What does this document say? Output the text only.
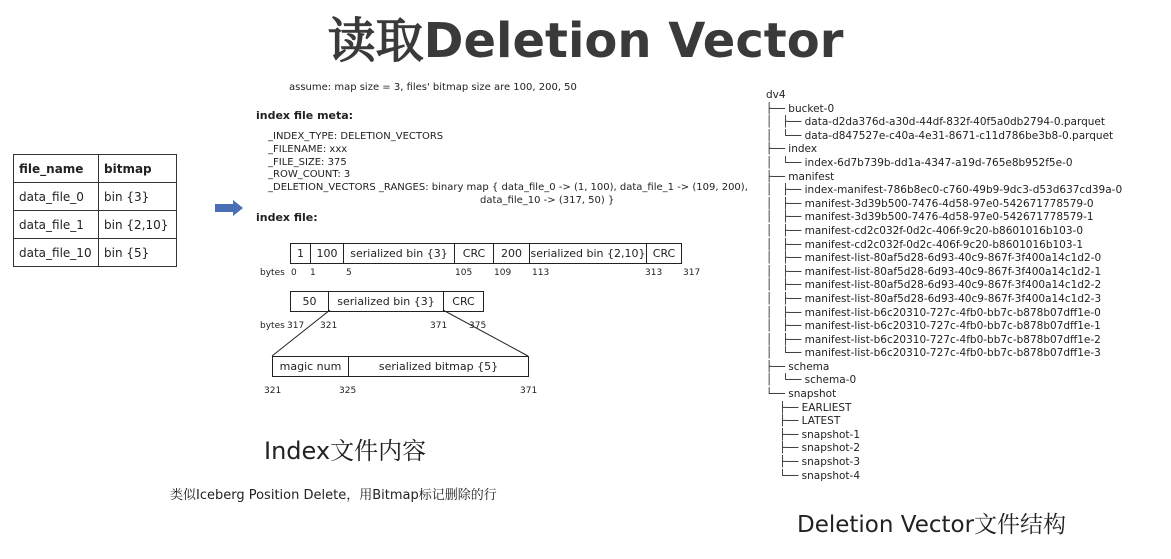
读取Deletion Vector
file_name	bitmap
data_file_0	bin {3}
data_file_1	bin {2,10}
data_file_10	bin {5}
assume: map size = 3, files' bitmap size are 100, 200, 50
index file meta:
_INDEX_TYPE: DELETION_VECTORS
_FILENAME: xxx
_FILE_SIZE: 375
_ROW_COUNT: 3
_DELETION_VECTORS _RANGES: binary map { data_file_0 -> (1, 100), data_file_1 -> (109, 200),
data_file_10 -> (317, 50) }
index file:
1	100	serialized bin {3}	CRC	200 serialized bin {2,10} CRC
bytes 0 1	5	105 109 113	313 317
50	serialized bin {3}	CRC
bytes 317 321	371 375
magic num	serialized bitmap {5}
321	325	371
Index文件内容
类似Iceberg Position Delete，用Bitmap标记删除的行
Deletion Vector文件结构
dv4
├── bucket-0
│   ├── data-d2da376d-a30d-44df-832f-40f5a0db2794-0.parquet
│   └── data-d847527e-c40a-4e31-8671-c11d786be3b8-0.parquet
├── index
│   └── index-6d7b739b-dd1a-4347-a19d-765e8b952f5e-0
├── manifest
│   ├── index-manifest-786b8ec0-c760-49b9-9dc3-d53d637cd39a-0
│   ├── manifest-3d39b500-7476-4d58-97e0-542671778579-0
│   ├── manifest-3d39b500-7476-4d58-97e0-542671778579-1
│   ├── manifest-cd2c032f-0d2c-406f-9c20-b8601016b103-0
│   ├── manifest-cd2c032f-0d2c-406f-9c20-b8601016b103-1
│   ├── manifest-list-80af5d28-6d93-40c9-867f-3f400a14c1d2-0
│   ├── manifest-list-80af5d28-6d93-40c9-867f-3f400a14c1d2-1
│   ├── manifest-list-80af5d28-6d93-40c9-867f-3f400a14c1d2-2
│   ├── manifest-list-80af5d28-6d93-40c9-867f-3f400a14c1d2-3
│   ├── manifest-list-b6c20310-727c-4fb0-bb7c-b878b07dff1e-0
│   ├── manifest-list-b6c20310-727c-4fb0-bb7c-b878b07dff1e-1
│   ├── manifest-list-b6c20310-727c-4fb0-bb7c-b878b07dff1e-2
│   └── manifest-list-b6c20310-727c-4fb0-bb7c-b878b07dff1e-3
├── schema
│   └── schema-0
└── snapshot
├── EARLIEST
├── LATEST
├── snapshot-1
├── snapshot-2
├── snapshot-3
└── snapshot-4
